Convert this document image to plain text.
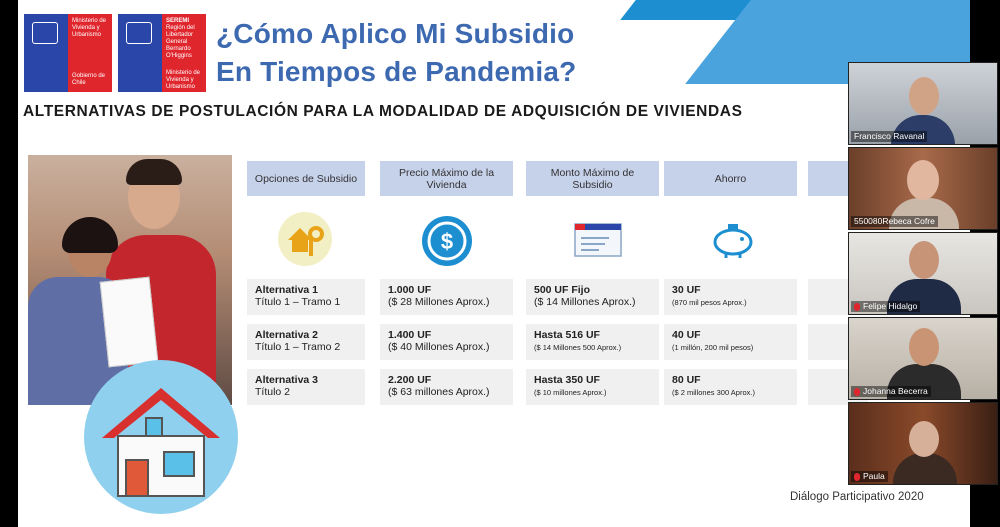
Ministerio de
Vivienda y
Urbanismo
Gobierno de Chile
SEREMI
Región del Libertador
General Bernardo
O'Higgins
Ministerio de
Vivienda y
Urbanismo
¿Cómo Aplico Mi Subsidio
En Tiempos de Pandemia?
ALTERNATIVAS DE POSTULACIÓN PARA LA MODALIDAD DE ADQUISICIÓN DE VIVIENDAS
Opciones de Subsidio	Precio Máximo de la Vivienda
Monto Máximo de Subsidio	Ahorro
$
Alternativa 1
Título 1 – Tramo 1
1.000 UF
($ 28 Millones Aprox.)
500 UF Fijo
($ 14 Millones Aprox.)
30 UF
(870 mil pesos Aprox.)
Alternativa 2
Título 1 – Tramo 2
1.400 UF
($ 40 Millones Aprox.)
Hasta 516 UF
($ 14 Millones 500 Aprox.)
40 UF
(1 millón, 200 mil pesos)
Alternativa 3
Título 2
2.200 UF
($ 63 millones Aprox.)
Hasta 350 UF
($ 10 millones Aprox.)
80 UF
($ 2 millones 300 Aprox.)
Diálogo Participativo 2020
Francisco Ravanal
550080Rebeca Cofre
Felipe Hidalgo
Johanna Becerra
Paula
